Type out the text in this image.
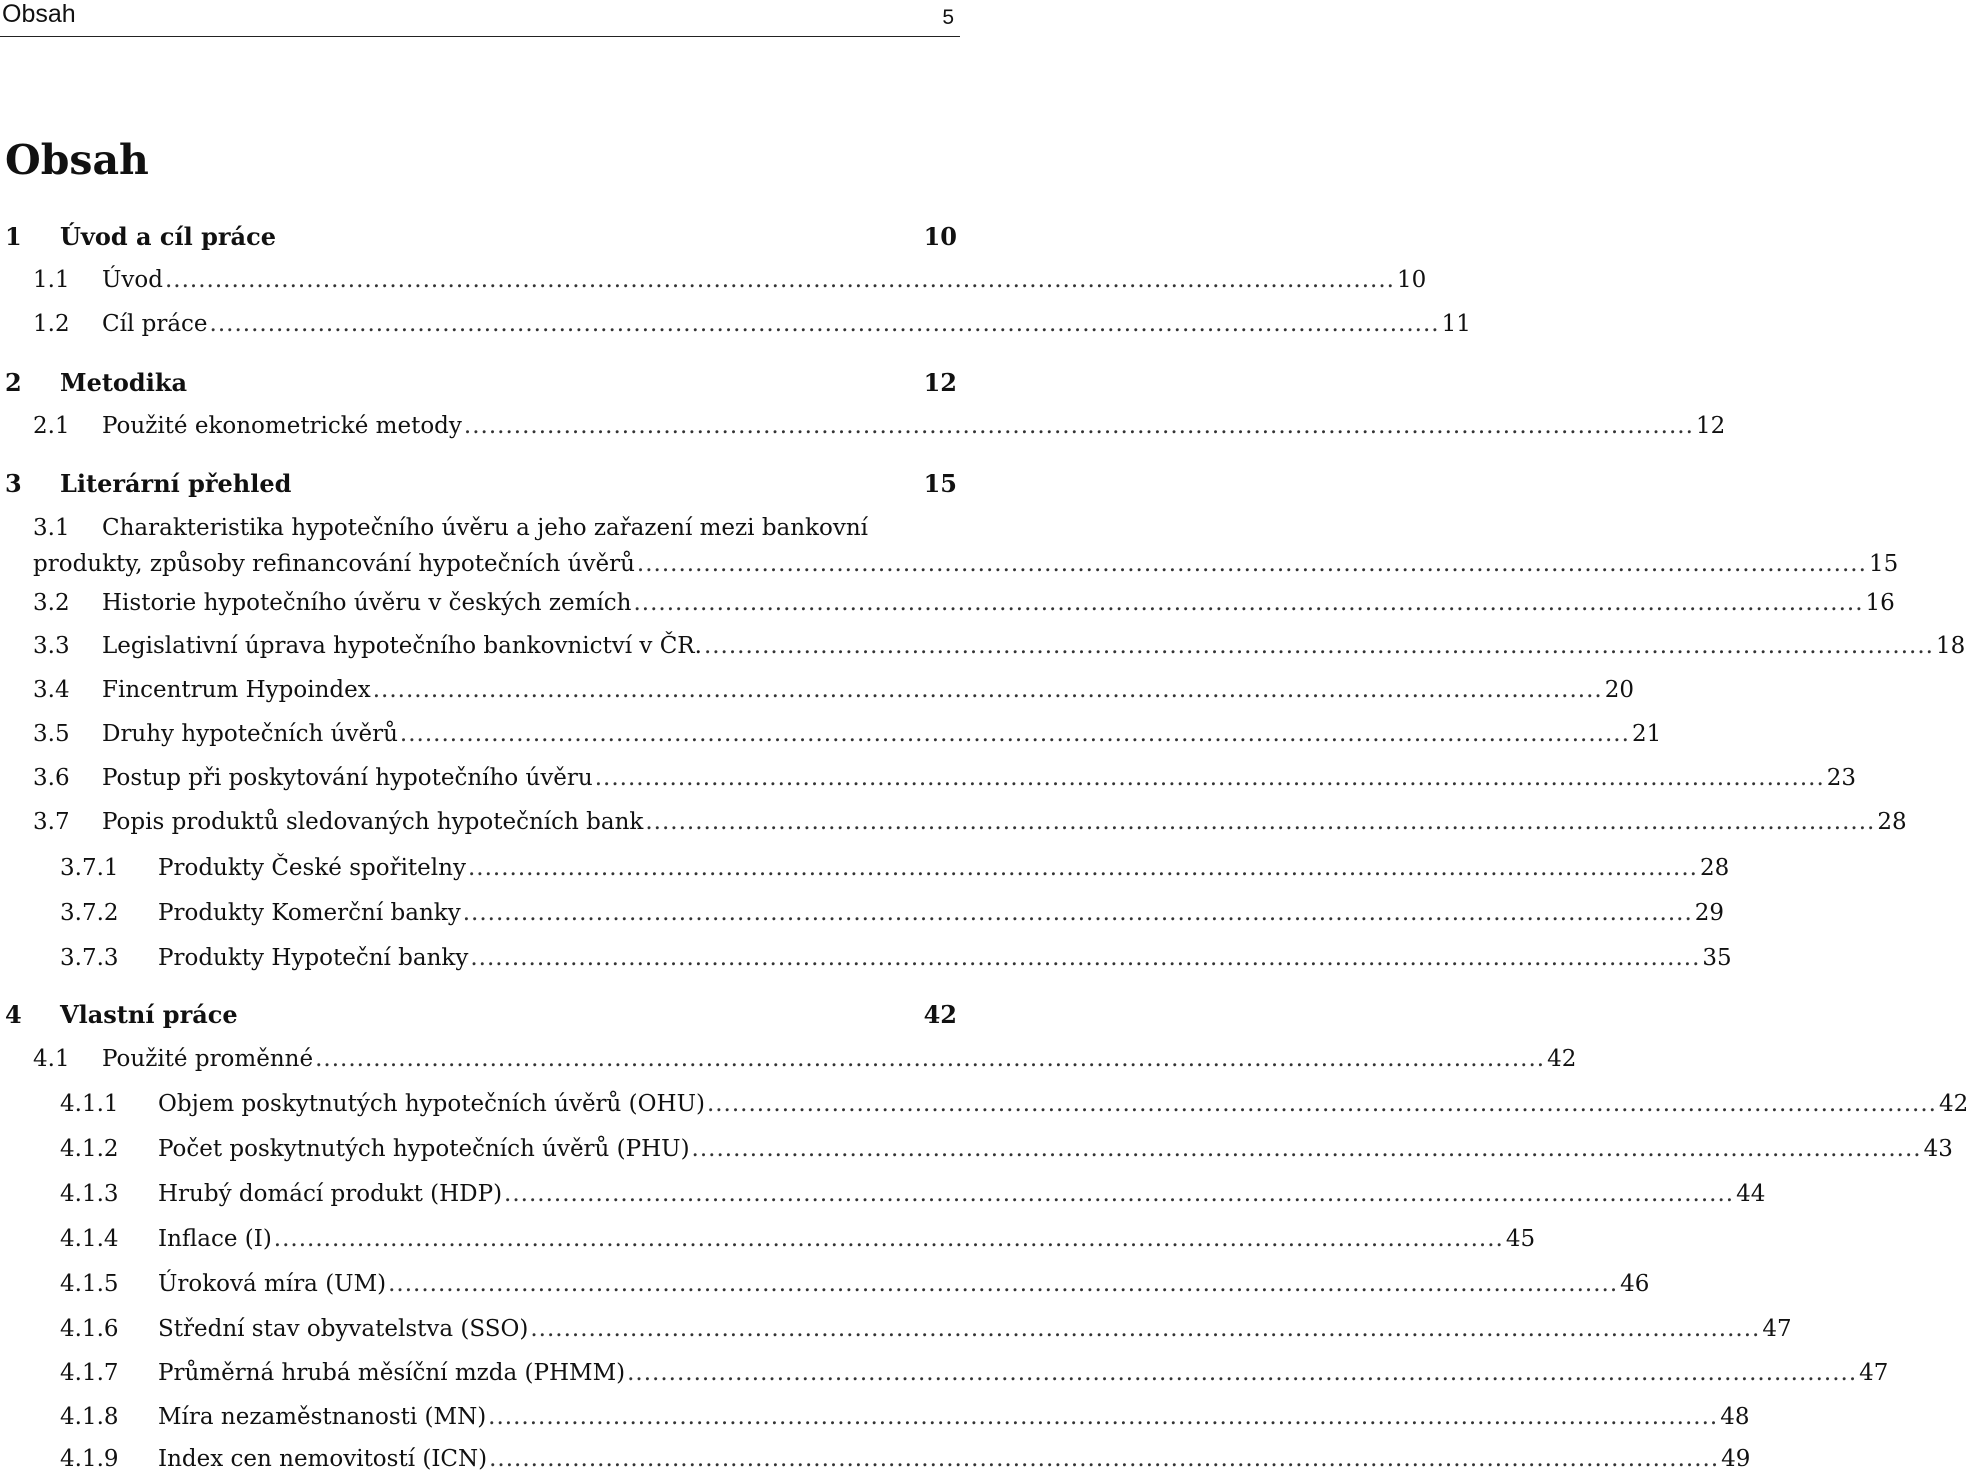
Obsah	5
Obsah
1 Úvod a cíl práce	10
1.1 Úvod .................................................................................................................................................... 10
1.2 Cíl práce .................................................................................................................................................... 11
2 Metodika	12
2.1 Použité ekonometrické metody .................................................................................................................................................... 12
3 Literární přehled	15
3.1 Charakteristika hypotečního úvěru a jeho zařazení mezi bankovní
produkty, způsoby refinancování hypotečních úvěrů .................................................................................................................................................... 15
3.2 Historie hypotečního úvěru v českých zemích .................................................................................................................................................... 16
3.3 Legislativní úprava hypotečního bankovnictví v ČR. .................................................................................................................................................... 18
3.4 Fincentrum Hypoindex .................................................................................................................................................... 20
3.5 Druhy hypotečních úvěrů .................................................................................................................................................... 21
3.6 Postup při poskytování hypotečního úvěru .................................................................................................................................................... 23
3.7 Popis produktů sledovaných hypotečních bank .................................................................................................................................................... 28
3.7.1 Produkty České spořitelny .................................................................................................................................................... 28
3.7.2 Produkty Komerční banky .................................................................................................................................................... 29
3.7.3 Produkty Hypoteční banky .................................................................................................................................................... 35
4 Vlastní práce	42
4.1 Použité proměnné .................................................................................................................................................... 42
4.1.1 Objem poskytnutých hypotečních úvěrů (OHU) .................................................................................................................................................... 42
4.1.2 Počet poskytnutých hypotečních úvěrů (PHU) .................................................................................................................................................... 43
4.1.3 Hrubý domácí produkt (HDP) .................................................................................................................................................... 44
4.1.4 Inflace (I) .................................................................................................................................................... 45
4.1.5 Úroková míra (UM) .................................................................................................................................................... 46
4.1.6 Střední stav obyvatelstva (SSO) .................................................................................................................................................... 47
4.1.7 Průměrná hrubá měsíční mzda (PHMM) .................................................................................................................................................... 47
4.1.8 Míra nezaměstnanosti (MN) .................................................................................................................................................... 48
4.1.9 Index cen nemovitostí (ICN) .................................................................................................................................................... 49
